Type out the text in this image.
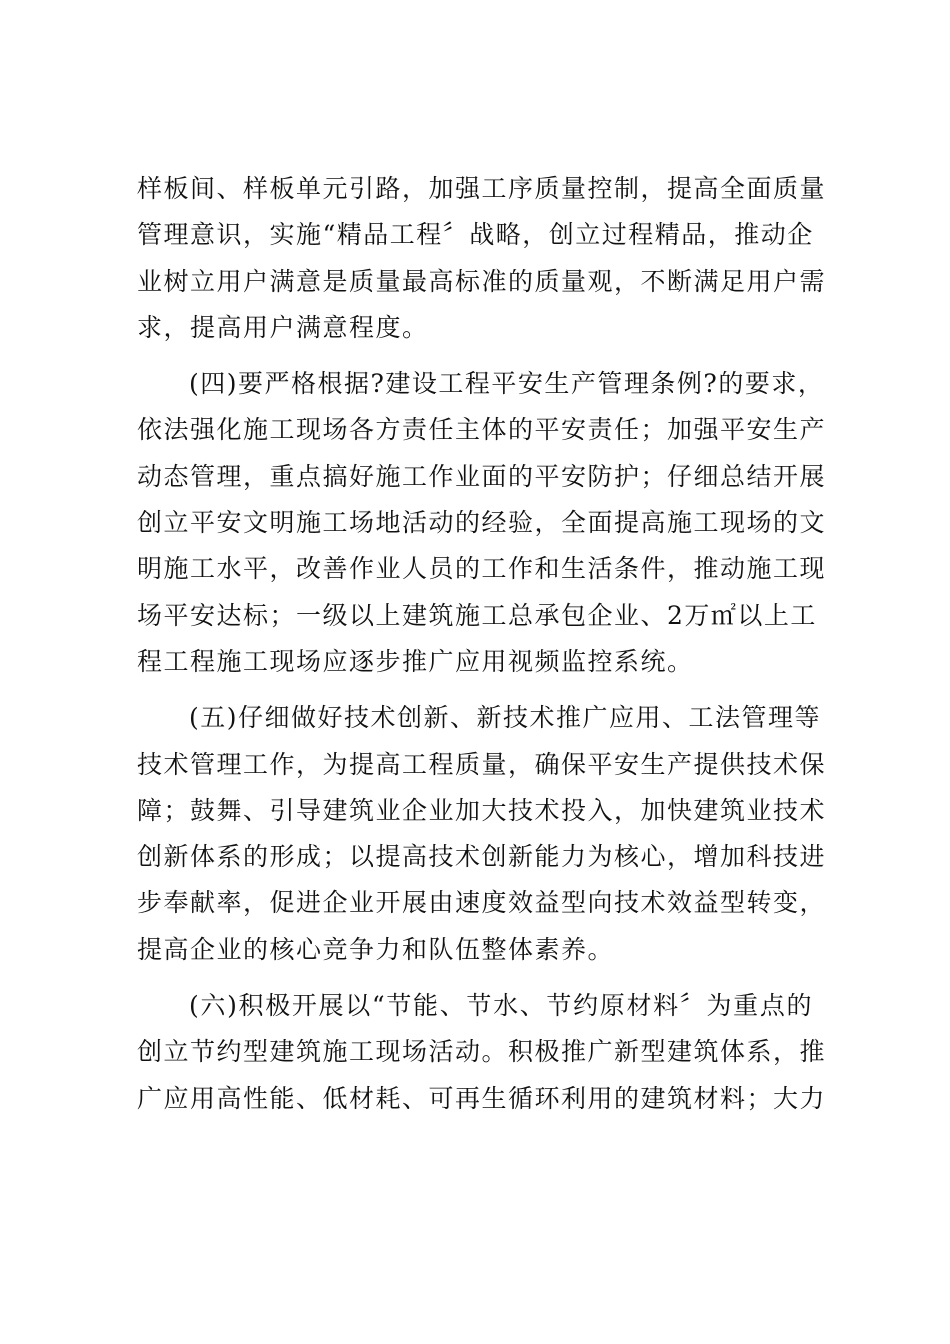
样板间、样板单元引路，加强工序质量控制，提高全面质量
管理意识，实施“精品工程〞战略，创立过程精品，推动企
业树立用户满意是质量最高标准的质量观，不断满足用户需
求，提高用户满意程度。
(四)要严格根据?建设工程平安生产管理条例?的要求，
依法强化施工现场各方责任主体的平安责任；加强平安生产
动态管理，重点搞好施工作业面的平安防护；仔细总结开展
创立平安文明施工场地活动的经验，全面提高施工现场的文
明施工水平，改善作业人员的工作和生活条件，推动施工现
场平安达标；一级以上建筑施工总承包企业、2万㎡以上工
程工程施工现场应逐步推广应用视频监控系统。
(五)仔细做好技术创新、新技术推广应用、工法管理等
技术管理工作，为提高工程质量，确保平安生产提供技术保
障；鼓舞、引导建筑业企业加大技术投入，加快建筑业技术
创新体系的形成；以提高技术创新能力为核心，增加科技进
步奉献率，促进企业开展由速度效益型向技术效益型转变，
提高企业的核心竞争力和队伍整体素养。
(六)积极开展以“节能、节水、节约原材料〞为重点的
创立节约型建筑施工现场活动。积极推广新型建筑体系，推
广应用高性能、低材耗、可再生循环利用的建筑材料；大力
